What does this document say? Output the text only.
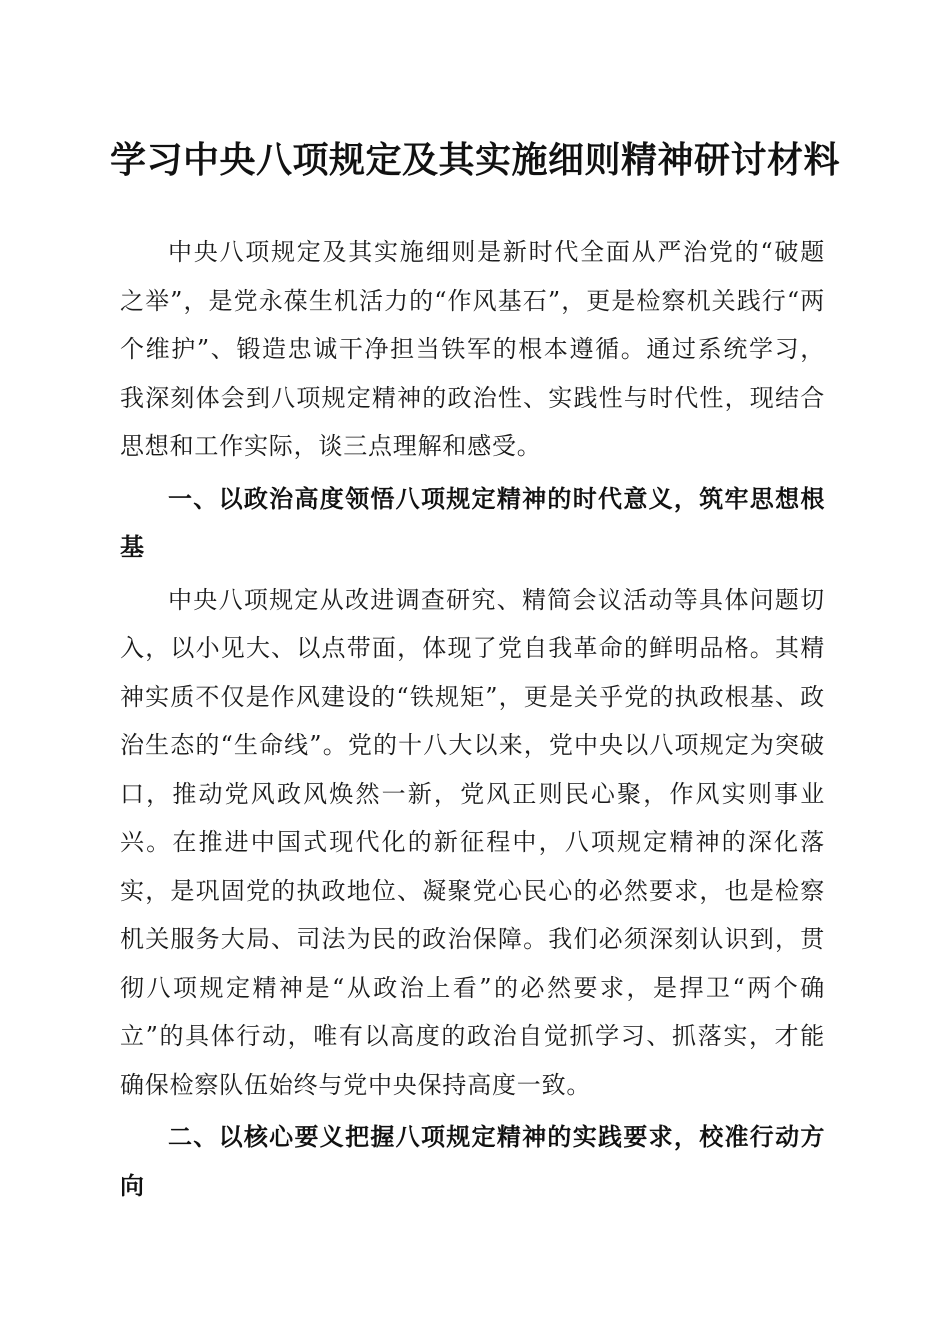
学习中央八项规定及其实施细则精神研讨材料

中央八项规定及其实施细则是新时代全面从严治党的“破题之举”，是党永葆生机活力的“作风基石”，更是检察机关践行“两个维护”、锻造忠诚干净担当铁军的根本遵循。通过系统学习，我深刻体会到八项规定精神的政治性、实践性与时代性，现结合思想和工作实际，谈三点理解和感受。

一、以政治高度领悟八项规定精神的时代意义，筑牢思想根基

中央八项规定从改进调查研究、精简会议活动等具体问题切入，以小见大、以点带面，体现了党自我革命的鲜明品格。其精神实质不仅是作风建设的“铁规矩”，更是关乎党的执政根基、政治生态的“生命线”。党的十八大以来，党中央以八项规定为突破口，推动党风政风焕然一新，党风正则民心聚，作风实则事业兴。在推进中国式现代化的新征程中，八项规定精神的深化落实，是巩固党的执政地位、凝聚党心民心的必然要求，也是检察机关服务大局、司法为民的政治保障。我们必须深刻认识到，贯彻八项规定精神是“从政治上看”的必然要求，是捍卫“两个确立”的具体行动，唯有以高度的政治自觉抓学习、抓落实，才能确保检察队伍始终与党中央保持高度一致。

二、以核心要义把握八项规定精神的实践要求，校准行动方向
